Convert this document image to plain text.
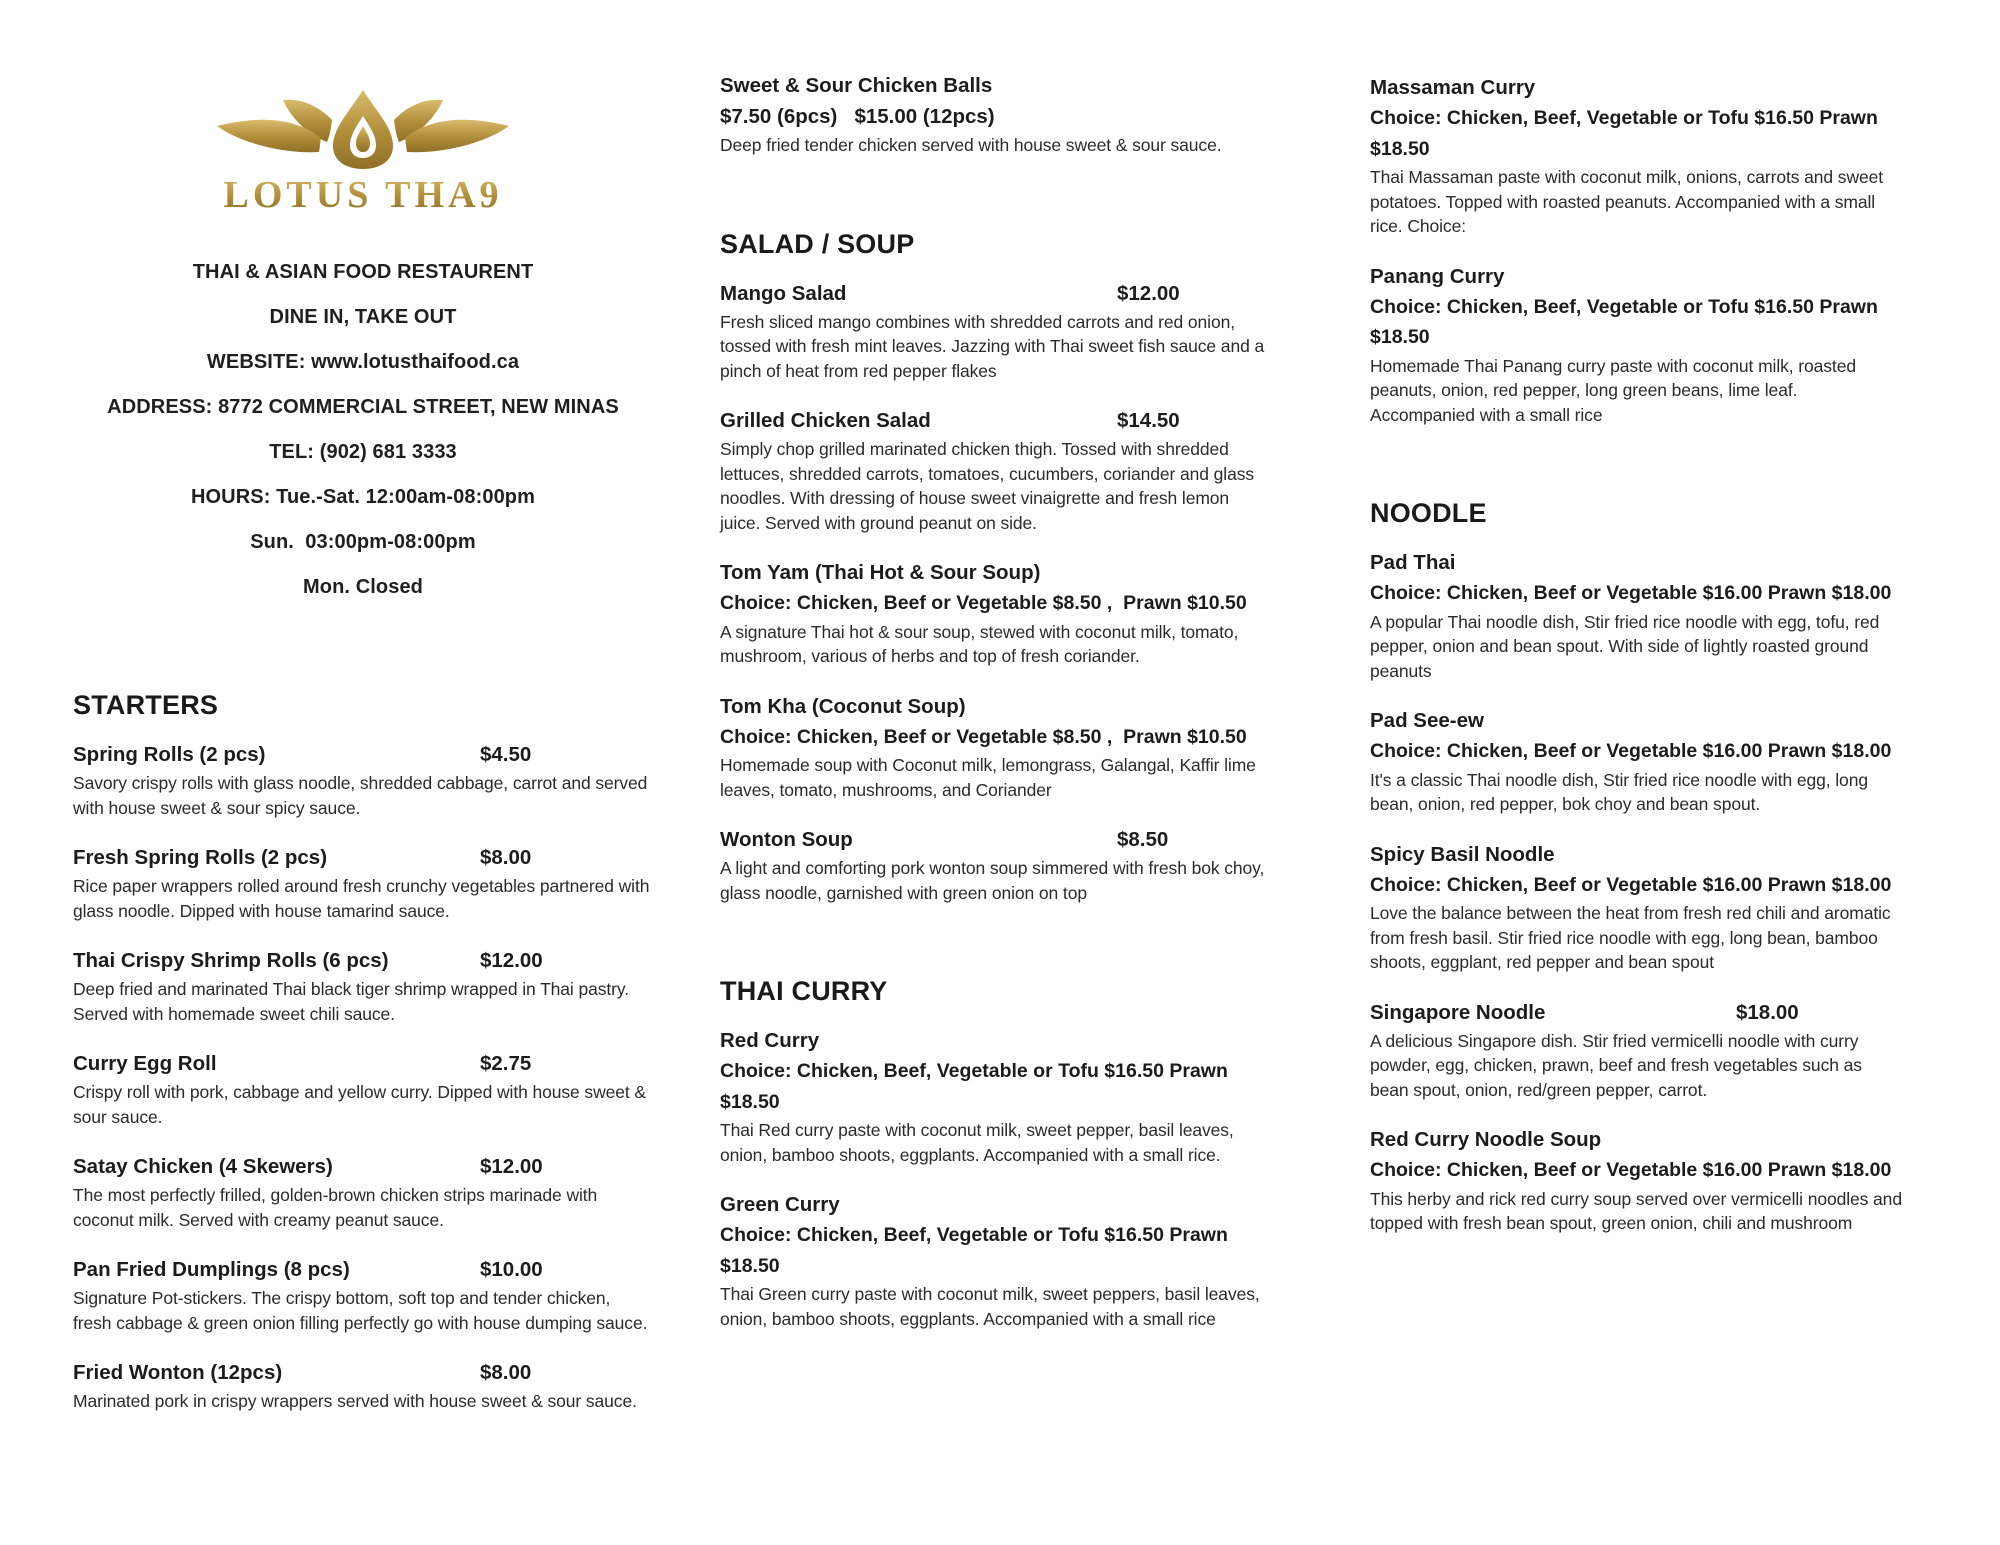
LOTUS THA9
THAI & ASIAN FOOD RESTAURENT
DINE IN, TAKE OUT
WEBSITE: www.lotusthaifood.ca
ADDRESS: 8772 COMMERCIAL STREET, NEW MINAS
TEL: (902) 681 3333
HOURS: Tue.-Sat. 12:00am-08:00pm
Sun.  03:00pm-08:00pm
Mon. Closed
STARTERS
Spring Rolls (2 pcs)	$4.50
Savory crispy rolls with glass noodle, shredded cabbage, carrot and served with house sweet & sour spicy sauce.
Fresh Spring Rolls (2 pcs)	$8.00
Rice paper wrappers rolled around fresh crunchy vegetables partnered with glass noodle. Dipped with house tamarind sauce.
Thai Crispy Shrimp Rolls (6 pcs)	$12.00
Deep fried and marinated Thai black tiger shrimp wrapped in Thai pastry. Served with homemade sweet chili sauce.
Curry Egg Roll	$2.75
Crispy roll with pork, cabbage and yellow curry. Dipped with house sweet & sour sauce.
Satay Chicken (4 Skewers)	$12.00
The most perfectly frilled, golden-brown chicken strips marinade with coconut milk. Served with creamy peanut sauce.
Pan Fried Dumplings (8 pcs)	$10.00
Signature Pot-stickers. The crispy bottom, soft top and tender chicken, fresh cabbage & green onion filling perfectly go with house dumping sauce.
Fried Wonton (12pcs)	$8.00
Marinated pork in crispy wrappers served with house sweet & sour sauce.
Sweet & Sour Chicken Balls
$7.50 (6pcs)   $15.00 (12pcs)
Deep fried tender chicken served with house sweet & sour sauce.
SALAD / SOUP
Mango Salad	$12.00
Fresh sliced mango combines with shredded carrots and red onion, tossed with fresh mint leaves. Jazzing with Thai sweet fish sauce and a pinch of heat from red pepper flakes
Grilled Chicken Salad	$14.50
Simply chop grilled marinated chicken thigh. Tossed with shredded lettuces, shredded carrots, tomatoes, cucumbers, coriander and glass noodles. With dressing of house sweet vinaigrette and fresh lemon juice. Served with ground peanut on side.
Tom Yam (Thai Hot & Sour Soup)
Choice: Chicken, Beef or Vegetable $8.50 ,  Prawn $10.50
A signature Thai hot & sour soup, stewed with coconut milk, tomato, mushroom, various of herbs and top of fresh coriander.
Tom Kha (Coconut Soup)
Choice: Chicken, Beef or Vegetable $8.50 ,  Prawn $10.50
Homemade soup with Coconut milk, lemongrass, Galangal, Kaffir lime leaves, tomato, mushrooms, and Coriander
Wonton Soup	$8.50
A light and comforting pork wonton soup simmered with fresh bok choy, glass noodle, garnished with green onion on top
THAI CURRY
Red Curry
Choice: Chicken, Beef, Vegetable or Tofu $16.50 Prawn $18.50
Thai Red curry paste with coconut milk, sweet pepper, basil leaves, onion, bamboo shoots, eggplants. Accompanied with a small rice.
Green Curry
Choice: Chicken, Beef, Vegetable or Tofu $16.50 Prawn $18.50
Thai Green curry paste with coconut milk, sweet peppers, basil leaves, onion, bamboo shoots, eggplants. Accompanied with a small rice
Massaman Curry
Choice: Chicken, Beef, Vegetable or Tofu $16.50 Prawn $18.50
Thai Massaman paste with coconut milk, onions, carrots and sweet potatoes. Topped with roasted peanuts. Accompanied with a small rice. Choice:
Panang Curry
Choice: Chicken, Beef, Vegetable or Tofu $16.50 Prawn $18.50
Homemade Thai Panang curry paste with coconut milk, roasted peanuts, onion, red pepper, long green beans, lime leaf. Accompanied with a small rice
NOODLE
Pad Thai
Choice: Chicken, Beef or Vegetable $16.00 Prawn $18.00
A popular Thai noodle dish, Stir fried rice noodle with egg, tofu, red pepper, onion and bean spout. With side of lightly roasted ground peanuts
Pad See-ew
Choice: Chicken, Beef or Vegetable $16.00 Prawn $18.00
It's a classic Thai noodle dish, Stir fried rice noodle with egg, long bean, onion, red pepper, bok choy and bean spout.
Spicy Basil Noodle
Choice: Chicken, Beef or Vegetable $16.00 Prawn $18.00
Love the balance between the heat from fresh red chili and aromatic from fresh basil. Stir fried rice noodle with egg, long bean, bamboo shoots, eggplant, red pepper and bean spout
Singapore Noodle	$18.00
A delicious Singapore dish. Stir fried vermicelli noodle with curry powder, egg, chicken, prawn, beef and fresh vegetables such as bean spout, onion, red/green pepper, carrot.
Red Curry Noodle Soup
Choice: Chicken, Beef or Vegetable $16.00 Prawn $18.00
This herby and rick red curry soup served over vermicelli noodles and topped with fresh bean spout, green onion, chili and mushroom
